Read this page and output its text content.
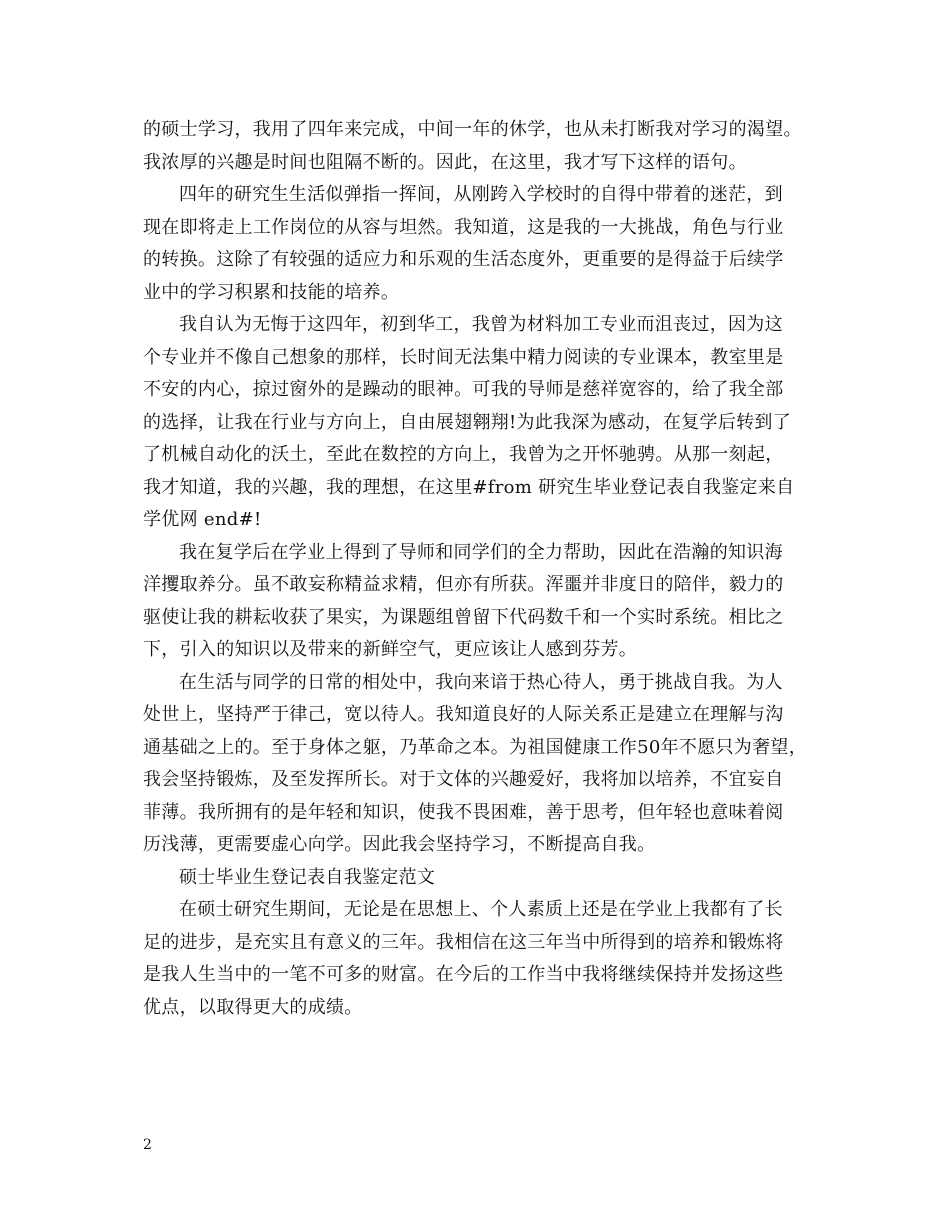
的硕士学习，我用了四年来完成，中间一年的休学，也从未打断我对学习的渴望。
我浓厚的兴趣是时间也阻隔不断的。因此，在这里，我才写下这样的语句。
四年的研究生生活似弹指一挥间，从刚跨入学校时的自得中带着的迷茫，到
现在即将走上工作岗位的从容与坦然。我知道，这是我的一大挑战，角色与行业
的转换。这除了有较强的适应力和乐观的生活态度外，更重要的是得益于后续学
业中的学习积累和技能的培养。
我自认为无悔于这四年，初到华工，我曾为材料加工专业而沮丧过，因为这
个专业并不像自己想象的那样，长时间无法集中精力阅读的专业课本，教室里是
不安的内心，掠过窗外的是躁动的眼神。可我的导师是慈祥宽容的，给了我全部
的选择，让我在行业与方向上，自由展翅翱翔!为此我深为感动，在复学后转到了
了机械自动化的沃土，至此在数控的方向上，我曾为之开怀驰骋。从那一刻起，
我才知道，我的兴趣，我的理想，在这里#from 研究生毕业登记表自我鉴定来自
学优网 end#!
我在复学后在学业上得到了导师和同学们的全力帮助，因此在浩瀚的知识海
洋攫取养分。虽不敢妄称精益求精，但亦有所获。浑噩并非度日的陪伴，毅力的
驱使让我的耕耘收获了果实，为课题组曾留下代码数千和一个实时系统。相比之
下，引入的知识以及带来的新鲜空气，更应该让人感到芬芳。
在生活与同学的日常的相处中，我向来谙于热心待人，勇于挑战自我。为人
处世上，坚持严于律己，宽以待人。我知道良好的人际关系正是建立在理解与沟
通基础之上的。至于身体之躯，乃革命之本。为祖国健康工作50年不愿只为奢望，
我会坚持锻炼，及至发挥所长。对于文体的兴趣爱好，我将加以培养，不宜妄自
菲薄。我所拥有的是年轻和知识，使我不畏困难，善于思考，但年轻也意味着阅
历浅薄，更需要虚心向学。因此我会坚持学习，不断提高自我。
硕士毕业生登记表自我鉴定范文
在硕士研究生期间，无论是在思想上、个人素质上还是在学业上我都有了长
足的进步，是充实且有意义的三年。我相信在这三年当中所得到的培养和锻炼将
是我人生当中的一笔不可多的财富。在今后的工作当中我将继续保持并发扬这些
优点，以取得更大的成绩。
2
